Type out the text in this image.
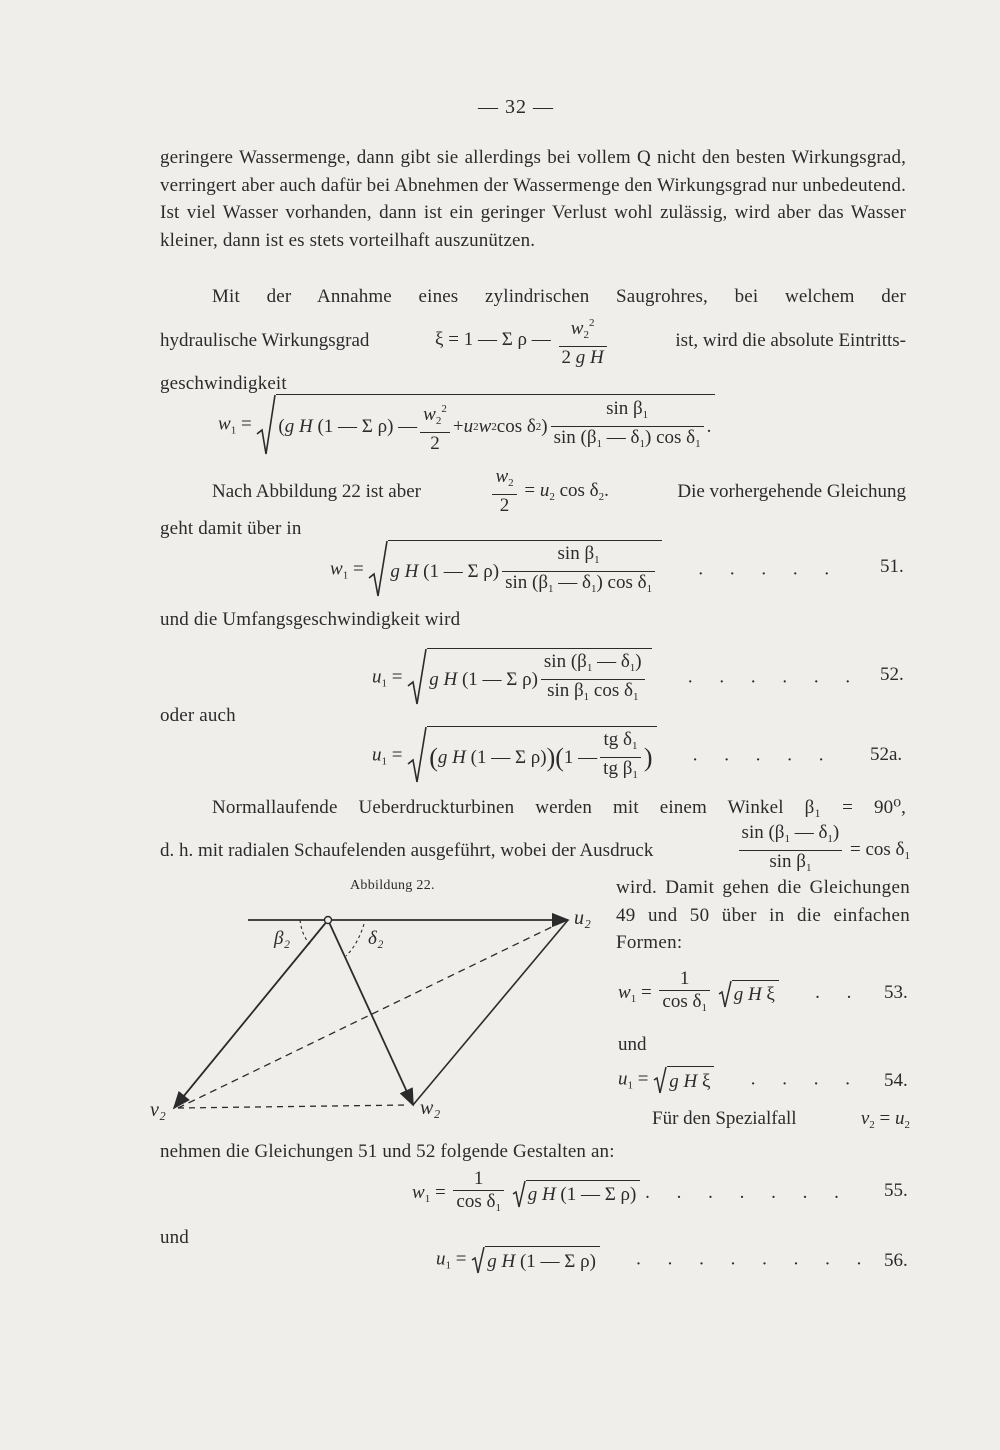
— 32 —
geringere Wassermenge, dann gibt sie allerdings bei vollem Q nicht den besten Wirkungsgrad, verringert aber auch dafür bei Abnehmen der Wassermenge den Wirkungsgrad nur unbedeutend. Ist viel Wasser vorhanden, dann ist ein geringer Verlust wohl zulässig, wird aber das Wasser kleiner, dann ist es stets vorteilhaft auszunützen.
Mit der Annahme eines zylindrischen Saugrohres, bei welchem der
hydraulische Wirkungsgrad	ξ = 1 — Σ ρ — $\frac{w_2^2}{\text{2 g H}}$	ist, wird die absolute Eintritts-
geschwindigkeit
$w_1$ = ( g H (1 — Σ ρ) — $\frac{w_2^2}{2} + u$ 2 w 2 cos δ 2 ) $\frac{\sin \beta_1}{\sin (\beta_1 — \delta_1) \cos \delta_1}$ .
Nach Abbildung 22 ist aber	$\frac{w_2}{2} = u_2$ $\cos \delta_2$.	Die vorhergehende Gleichung
geht damit über in
$w_1 = g$ H (1 — Σ $\rho) \frac{\sin \beta_1}{\sin (\beta_1 — \delta_1) \cos \delta_1}$ . . . . . 51.
und die Umfangsgeschwindigkeit wird
$u_1 = g$ H (1 — Σ $\rho) \frac{\sin (\beta_1 — \delta_1)}{\sin \beta_1 \cos \delta_1}$ . . . . . . 52.
oder auch
$u_1$ = ( g H (1 — Σ ρ) ) ( 1 — $\frac{tg \delta_1}{tg \beta_1}$ ) . . . . . 52a.
Normallaufende Ueberdruckturbinen werden mit einem Winkel β₁ = 90⁰,
d. h. mit radialen Schaufelenden ausgeführt, wobei der Ausdruck	$\frac{\sin (\beta_1 — \delta_1)}{\sin \beta_1} = \cos \delta_1$
Abbildung 22.
u₂
v₂	w₂
β₂	δ₂
wird. Damit gehen die Gleichungen 49 und 50 über in die einfachen Formen:
$w_1 = \frac{1}{\cos \delta_1}$
g H ξ . . 53.
und
$u_1 = g$ H ξ . . . . 54.
Für den Spezialfall	$v_2 = u_2$
nehmen die Gleichungen 51 und 52 folgende Gestalten an:
$w_1 = \frac{1}{\cos \delta_1}$
g H (1 — Σ ρ) . . . . . . . 55.
und
$u_1 = g$ H (1 — Σ ρ) . . . . . . . . 56.
